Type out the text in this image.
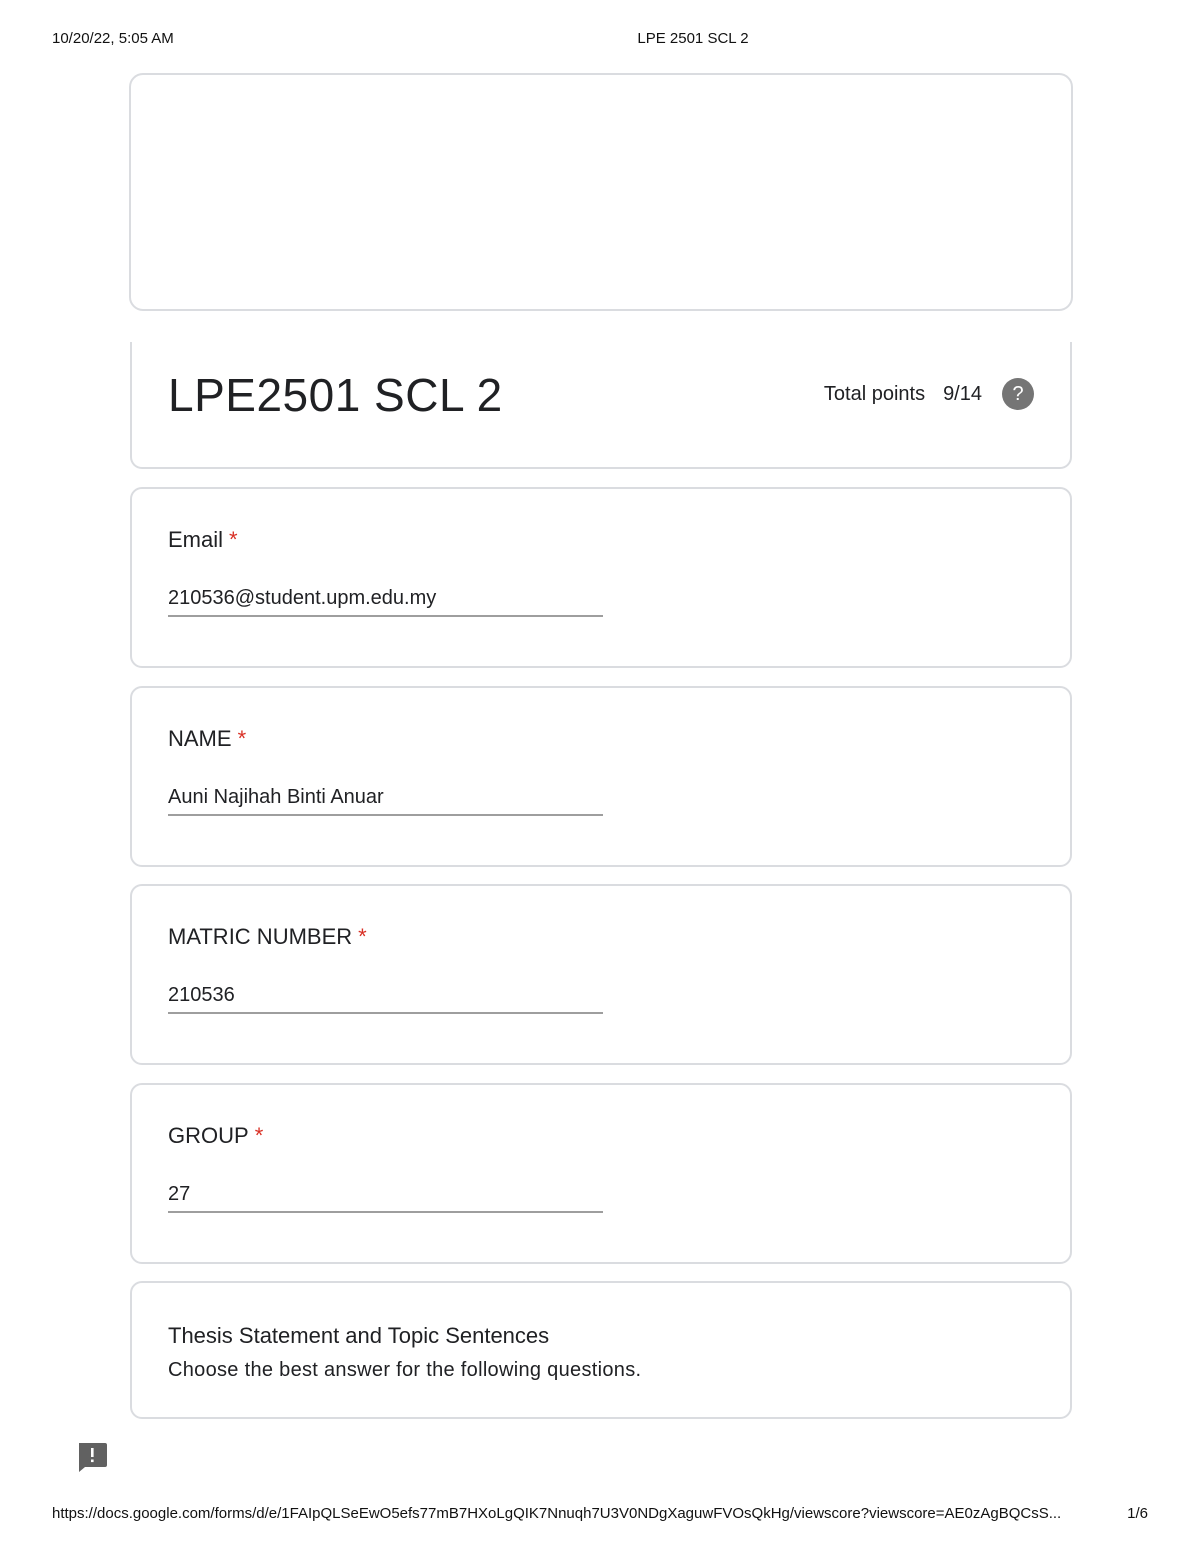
10/20/22, 5:05 AM	LPE 2501 SCL 2
LPE2501 SCL 2	Total points 9/14	?
Email *
210536@student.upm.edu.my
NAME *
Auni Najihah Binti Anuar
MATRIC NUMBER *
210536
GROUP *
27
Thesis Statement and Topic Sentences
Choose the best answer for the following questions.
https://docs.google.com/forms/d/e/1FAIpQLSeEwO5efs77mB7HXoLgQIK7Nnuqh7U3V0NDgXaguwFVOsQkHg/viewscore?viewscore=AE0zAgBQCsS...	1/6
